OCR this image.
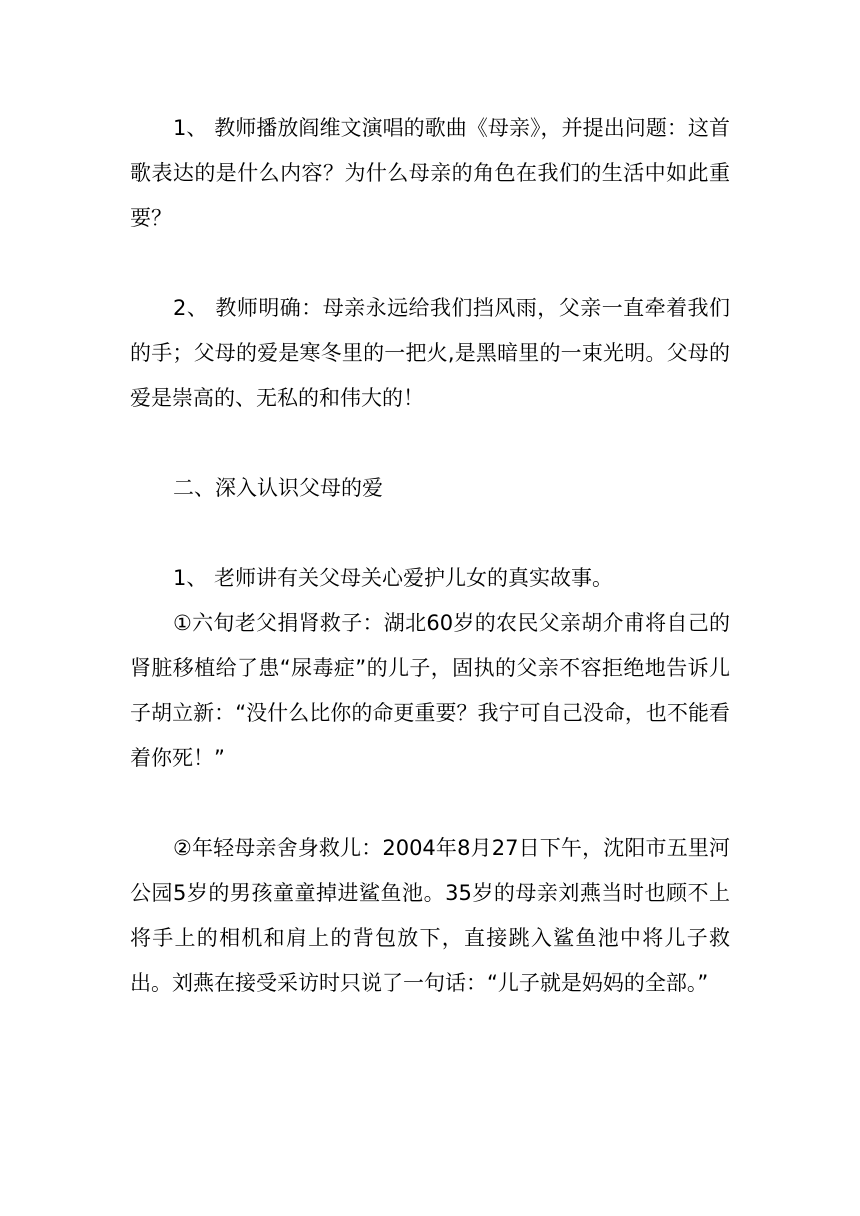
1、 教师播放阎维文演唱的歌曲《母亲》，并提出问题：这首歌表达的是什么内容？为什么母亲的角色在我们的生活中如此重要？

2、 教师明确：母亲永远给我们挡风雨，父亲一直牵着我们的手；父母的爱是寒冬里的一把火,是黑暗里的一束光明。父母的爱是崇高的、无私的和伟大的！

二、深入认识父母的爱

1、 老师讲有关父母关心爱护儿女的真实故事。

①六旬老父捐肾救子：湖北60岁的农民父亲胡介甫将自己的肾脏移植给了患“尿毒症”的儿子，固执的父亲不容拒绝地告诉儿子胡立新：“没什么比你的命更重要？我宁可自己没命，也不能看着你死！”

②年轻母亲舍身救儿：2004年8月27日下午，沈阳市五里河公园5岁的男孩童童掉进鲨鱼池。35岁的母亲刘燕当时也顾不上将手上的相机和肩上的背包放下，直接跳入鲨鱼池中将儿子救出。刘燕在接受采访时只说了一句话：“儿子就是妈妈的全部。”
